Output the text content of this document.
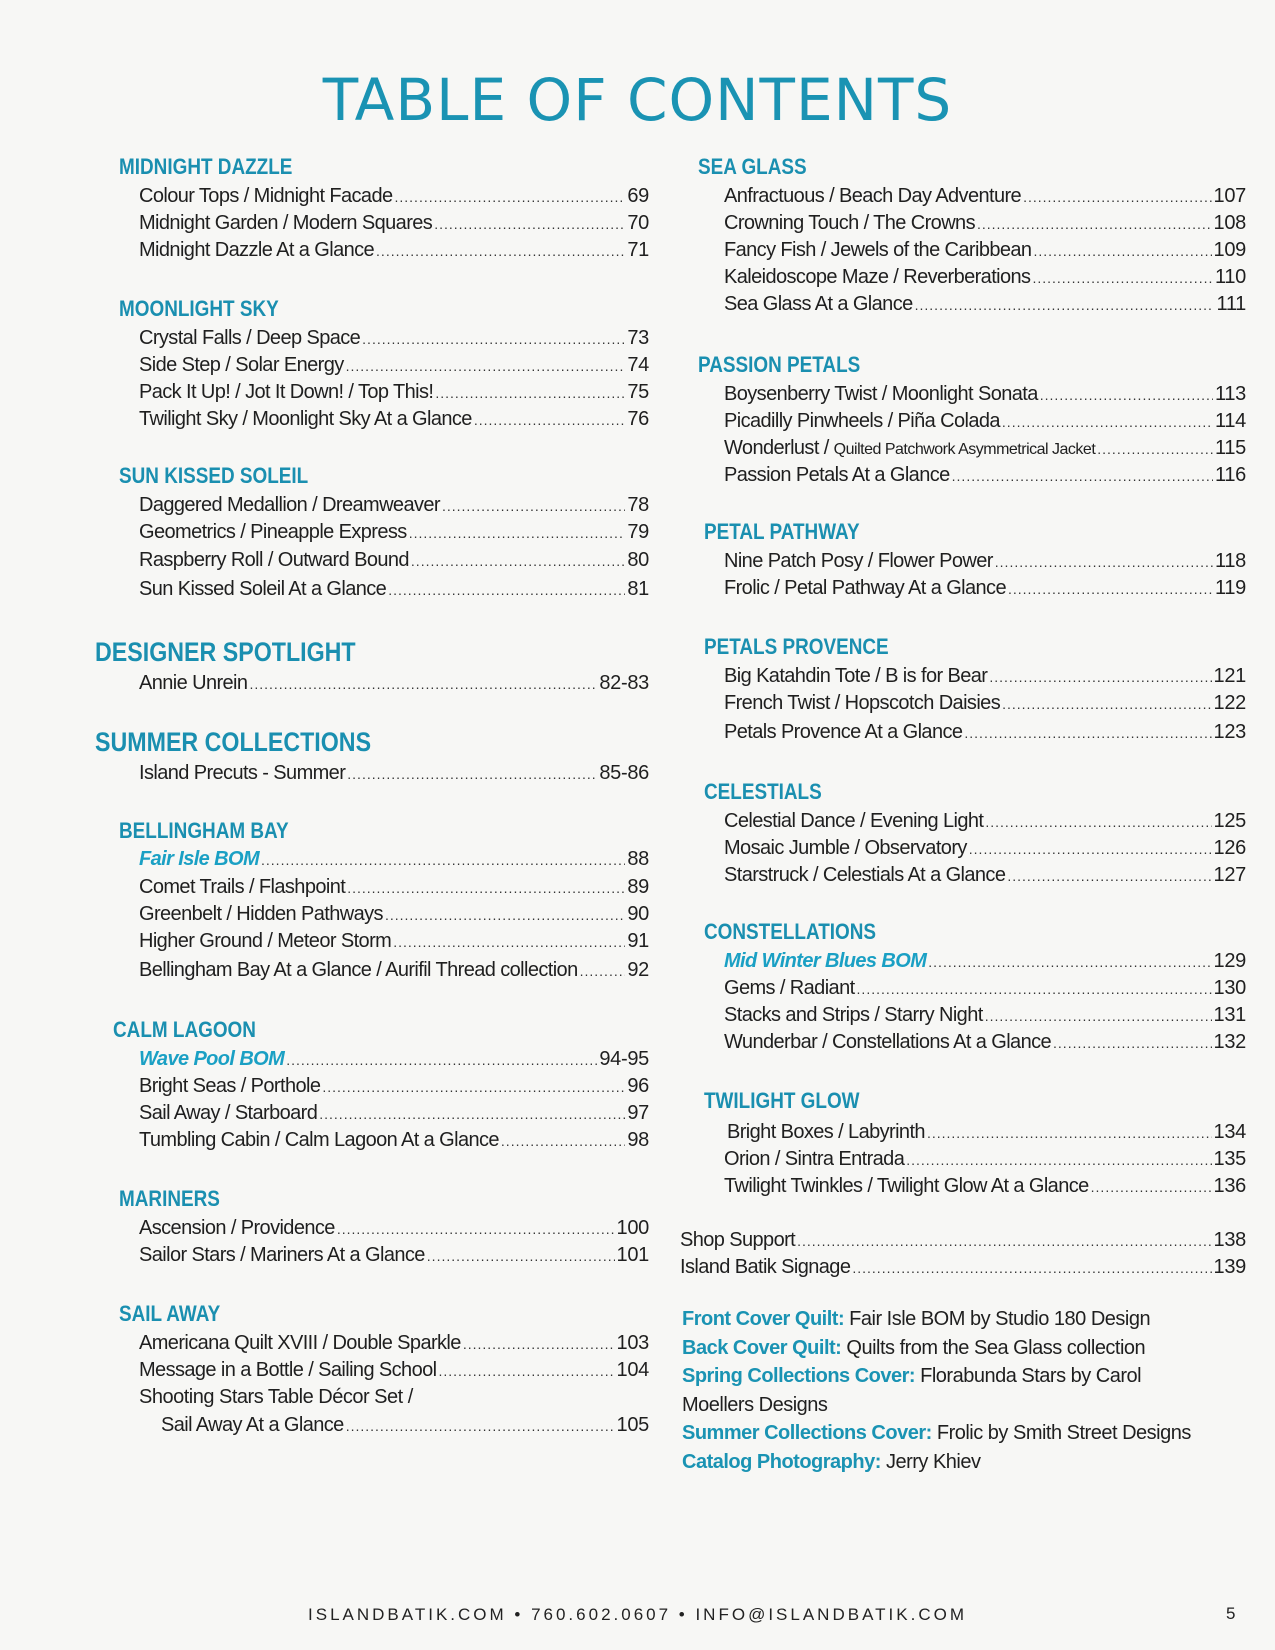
TABLE OF CONTENTS
MIDNIGHT DAZZLE
Colour Tops / Midnight Facade .....	69
Midnight Garden / Modern Squares .....	70
Midnight Dazzle At a Glance .....	71
MOONLIGHT SKY
Crystal Falls / Deep Space .....	73
Side Step / Solar Energy .....	74
Pack It Up! / Jot It Down! / Top This! .....	75
Twilight Sky / Moonlight Sky At a Glance .....	76
SUN KISSED SOLEIL
Daggered Medallion / Dreamweaver .....	78
Geometrics / Pineapple Express .....	79
Raspberry Roll / Outward Bound .....	80
Sun Kissed Soleil At a Glance .....	81
DESIGNER SPOTLIGHT
Annie Unrein .....	82-83
SUMMER COLLECTIONS
Island Precuts - Summer .....	85-86
BELLINGHAM BAY
Fair Isle BOM .....	88
Comet Trails / Flashpoint .....	89
Greenbelt / Hidden Pathways .....	90
Higher Ground / Meteor Storm .....	91
Bellingham Bay At a Glance / Aurifil Thread collection ..... 92
CALM LAGOON
Wave Pool BOM .....	94-95
Bright Seas / Porthole .....	96
Sail Away / Starboard .....	97
Tumbling Cabin / Calm Lagoon At a Glance .....	98
MARINERS
Ascension / Providence .....	100
Sailor Stars / Mariners At a Glance .....	101
SAIL AWAY
Americana Quilt XVIII / Double Sparkle .....	103
Message in a Bottle / Sailing School .....	104
Shooting Stars Table Décor Set /
Sail Away At a Glance .....	105
SEA GLASS
Anfractuous / Beach Day Adventure .....	107
Crowning Touch / The Crowns .....	108
Fancy Fish / Jewels of the Caribbean .....	109
Kaleidoscope Maze / Reverberations .....	110
Sea Glass At a Glance .....	111
PASSION PETALS
Boysenberry Twist / Moonlight Sonata .....	113
Picadilly Pinwheels / Piña Colada .....	114
Wonderlust / Quilted Patchwork Asymmetrical Jacket .....	115
Passion Petals At a Glance .....	116
PETAL PATHWAY
Nine Patch Posy / Flower Power .....	118
Frolic / Petal Pathway At a Glance .....	119
PETALS PROVENCE
Big Katahdin Tote / B is for Bear .....	121
French Twist / Hopscotch Daisies .....	122
Petals Provence At a Glance .....	123
CELESTIALS
Celestial Dance / Evening Light .....	125
Mosaic Jumble / Observatory .....	126
Starstruck / Celestials At a Glance .....	127
CONSTELLATIONS
Mid Winter Blues BOM .....	129
Gems / Radiant .....	130
Stacks and Strips / Starry Night .....	131
Wunderbar / Constellations At a Glance .....	132
TWILIGHT GLOW
Bright Boxes / Labyrinth .....	134
Orion / Sintra Entrada .....	135
Twilight Twinkles / Twilight Glow At a Glance .....	136
Shop Support .....	138
Island Batik Signage .....	139
Front Cover Quilt: Fair Isle BOM by Studio 180 Design
Back Cover Quilt: Quilts from the Sea Glass collection
Spring Collections Cover: Florabunda Stars by Carol Moellers Designs
Summer Collections Cover: Frolic by Smith Street Designs
Catalog Photography: Jerry Khiev
ISLANDBATIK.COM • 760.602.0607 • INFO@ISLANDBATIK.COM	5
